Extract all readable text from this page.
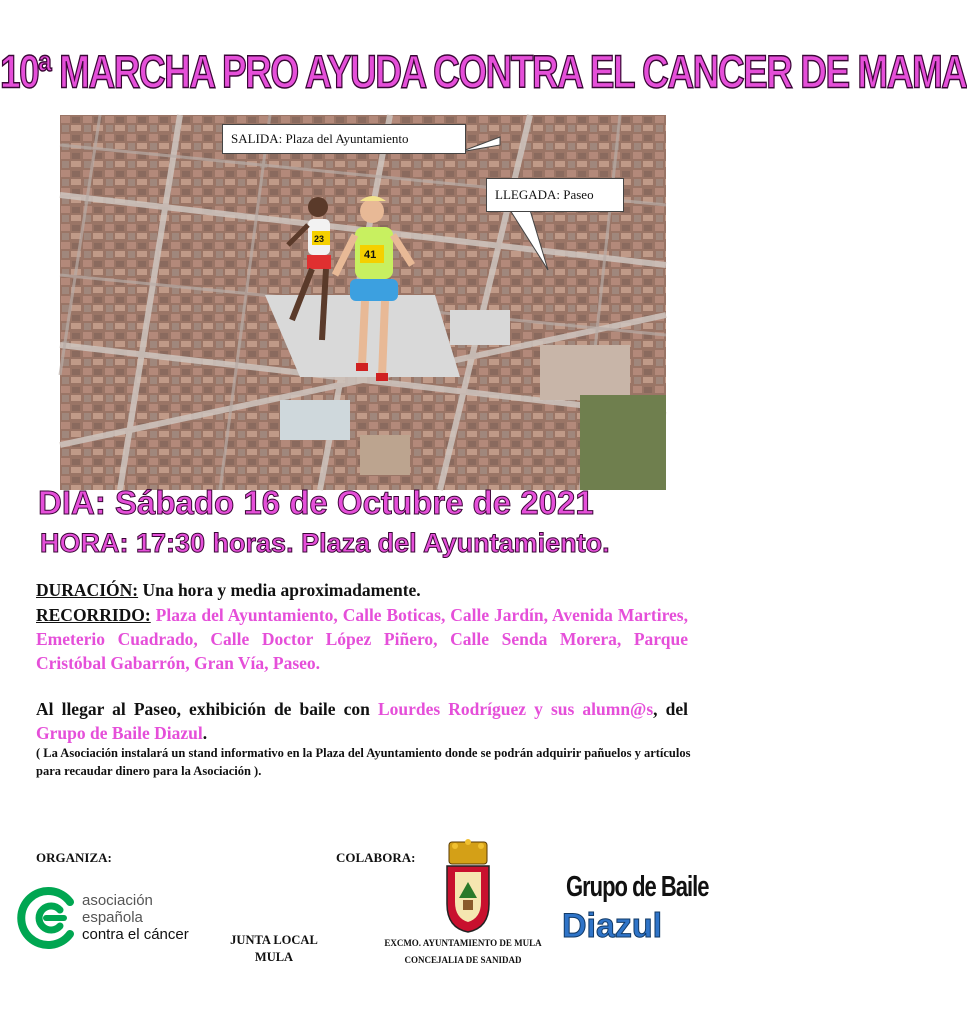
10ª MARCHA PRO AYUDA CONTRA EL CANCER DE MAMA
23
41
SALIDA: Plaza del Ayuntamiento
LLEGADA: Paseo
DIA: Sábado 16 de Octubre de 2021
HORA: 17:30 horas. Plaza del Ayuntamiento.
DURACIÓN: Una hora y media aproximadamente.
RECORRIDO: Plaza del Ayuntamiento, Calle Boticas, Calle Jardín, Avenida Martires, Emeterio Cuadrado, Calle Doctor López Piñero, Calle Senda Morera, Parque Cristóbal Gabarrón, Gran Vía, Paseo.
Al llegar al Paseo, exhibición de baile con Lourdes Rodríguez y sus alumn@s, del Grupo de Baile Diazul.
( La Asociación instalará un stand informativo en la Plaza del Ayuntamiento donde se podrán adquirir pañuelos y artículos para recaudar dinero para la Asociación ).
ORGANIZA:	COLABORA:
asociación
española
contra el cáncer	JUNTA LOCAL
MULA
EXCMO. AYUNTAMIENTO DE MULA
CONCEJALIA DE SANIDAD
Grupo de Baile
Diazul
